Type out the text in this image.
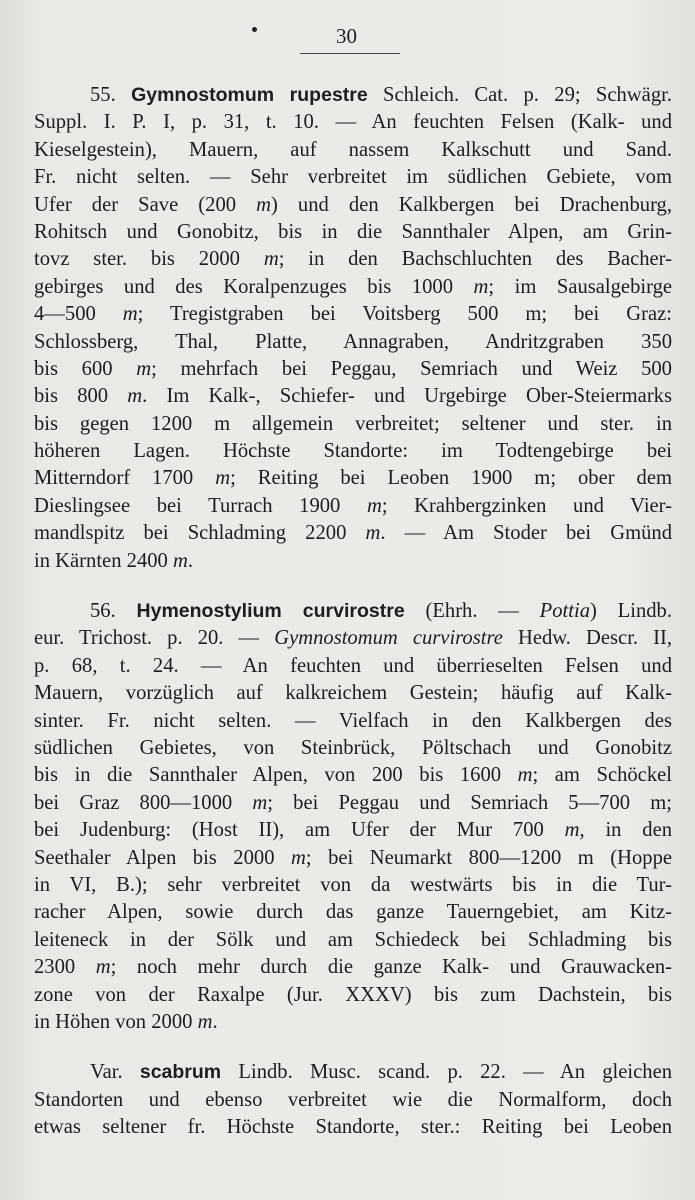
30
55. Gymnostomum rupestre Schleich. Cat. p. 29; Schwägr.
Suppl. I. P. I, p. 31, t. 10. — An feuchten Felsen (Kalk- und
Kieselgestein), Mauern, auf nassem Kalkschutt und Sand.
Fr. nicht selten. — Sehr verbreitet im südlichen Gebiete, vom
Ufer der Save (200 m) und den Kalkbergen bei Drachenburg,
Rohitsch und Gonobitz, bis in die Sannthaler Alpen, am Grin-
tovz ster. bis 2000 m; in den Bachschluchten des Bacher-
gebirges und des Koralpenzuges bis 1000 m; im Sausalgebirge
4—500 m; Tregistgraben bei Voitsberg 500 m; bei Graz:
Schlossberg, Thal, Platte, Annagraben, Andritzgraben 350
bis 600 m; mehrfach bei Peggau, Semriach und Weiz 500
bis 800 m. Im Kalk-, Schiefer- und Urgebirge Ober-Steiermarks
bis gegen 1200 m allgemein verbreitet; seltener und ster. in
höheren Lagen. Höchste Standorte: im Todtengebirge bei
Mitterndorf 1700 m; Reiting bei Leoben 1900 m; ober dem
Dieslingsee bei Turrach 1900 m; Krahbergzinken und Vier-
mandlspitz bei Schladming 2200 m. — Am Stoder bei Gmünd
in Kärnten 2400 m.
56. Hymenostylium curvirostre (Ehrh. — Pottia) Lindb.
eur. Trichost. p. 20. — Gymnostomum curvirostre Hedw. Descr. II,
p. 68, t. 24. — An feuchten und überrieselten Felsen und
Mauern, vorzüglich auf kalkreichem Gestein; häufig auf Kalk-
sinter. Fr. nicht selten. — Vielfach in den Kalkbergen des
südlichen Gebietes, von Steinbrück, Pöltschach und Gonobitz
bis in die Sannthaler Alpen, von 200 bis 1600 m; am Schöckel
bei Graz 800—1000 m; bei Peggau und Semriach 5—700 m;
bei Judenburg: (Host II), am Ufer der Mur 700 m, in den
Seethaler Alpen bis 2000 m; bei Neumarkt 800—1200 m (Hoppe
in VI, B.); sehr verbreitet von da westwärts bis in die Tur-
racher Alpen, sowie durch das ganze Tauerngebiet, am Kitz-
leiteneck in der Sölk und am Schiedeck bei Schladming bis
2300 m; noch mehr durch die ganze Kalk- und Grauwacken-
zone von der Raxalpe (Jur. XXXV) bis zum Dachstein, bis
in Höhen von 2000 m.
Var. scabrum Lindb. Musc. scand. p. 22. — An gleichen
Standorten und ebenso verbreitet wie die Normalform, doch
etwas seltener fr. Höchste Standorte, ster.: Reiting bei Leoben
